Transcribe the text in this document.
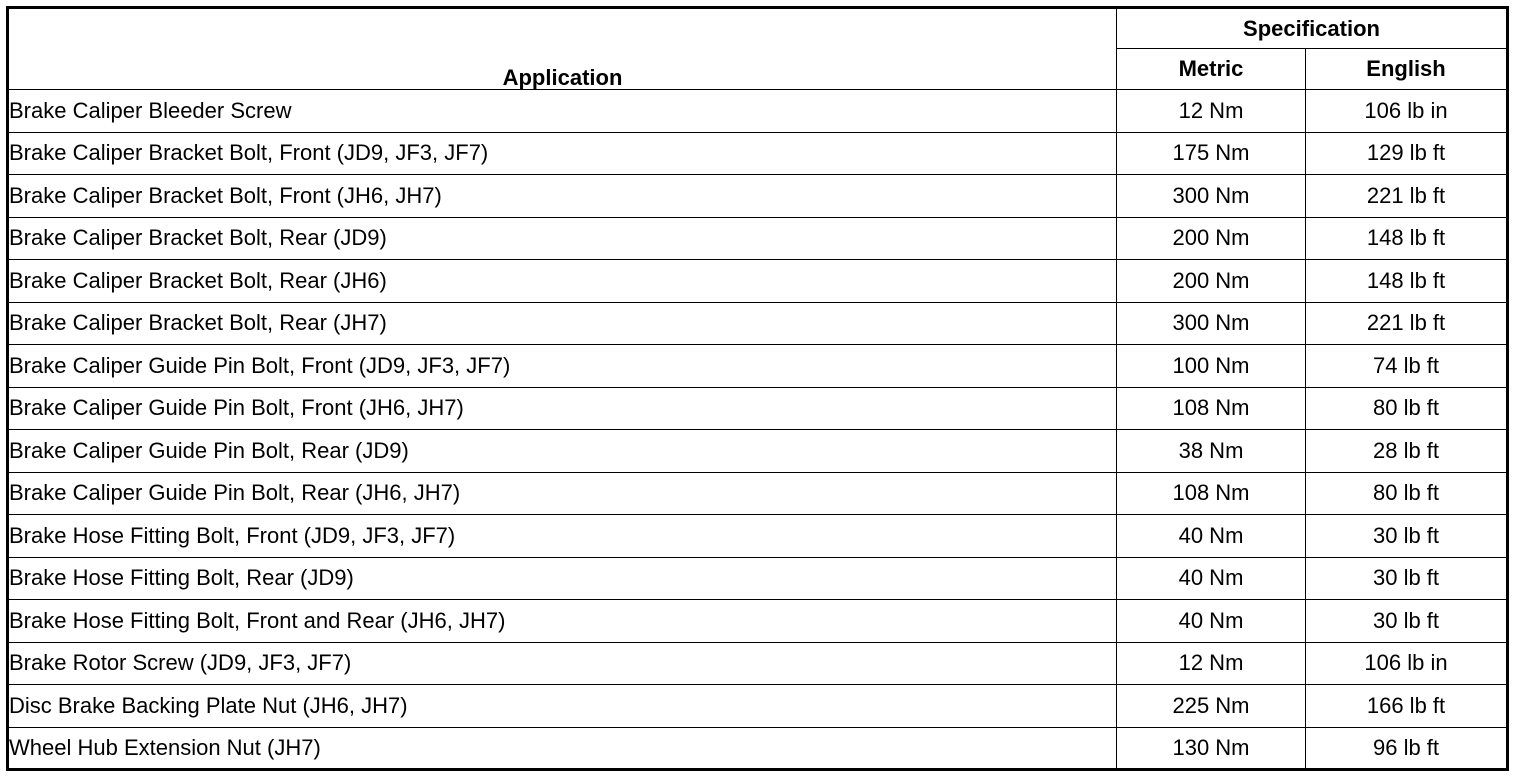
Application	Specification	
	Metric	English
Brake Caliper Bleeder Screw	12 Nm	106 lb in
Brake Caliper Bracket Bolt, Front (JD9, JF3, JF7)	175 Nm	129 lb ft
Brake Caliper Bracket Bolt, Front (JH6, JH7)	300 Nm	221 lb ft
Brake Caliper Bracket Bolt, Rear (JD9)	200 Nm	148 lb ft
Brake Caliper Bracket Bolt, Rear (JH6)	200 Nm	148 lb ft
Brake Caliper Bracket Bolt, Rear (JH7)	300 Nm	221 lb ft
Brake Caliper Guide Pin Bolt, Front (JD9, JF3, JF7)	100 Nm	74 lb ft
Brake Caliper Guide Pin Bolt, Front (JH6, JH7)	108 Nm	80 lb ft
Brake Caliper Guide Pin Bolt, Rear (JD9)	38 Nm	28 lb ft
Brake Caliper Guide Pin Bolt, Rear (JH6, JH7)	108 Nm	80 lb ft
Brake Hose Fitting Bolt, Front (JD9, JF3, JF7)	40 Nm	30 lb ft
Brake Hose Fitting Bolt, Rear (JD9)	40 Nm	30 lb ft
Brake Hose Fitting Bolt, Front and Rear (JH6, JH7)	40 Nm	30 lb ft
Brake Rotor Screw (JD9, JF3, JF7)	12 Nm	106 lb in
Disc Brake Backing Plate Nut (JH6, JH7)	225 Nm	166 lb ft
Wheel Hub Extension Nut (JH7)	130 Nm	96 lb ft
